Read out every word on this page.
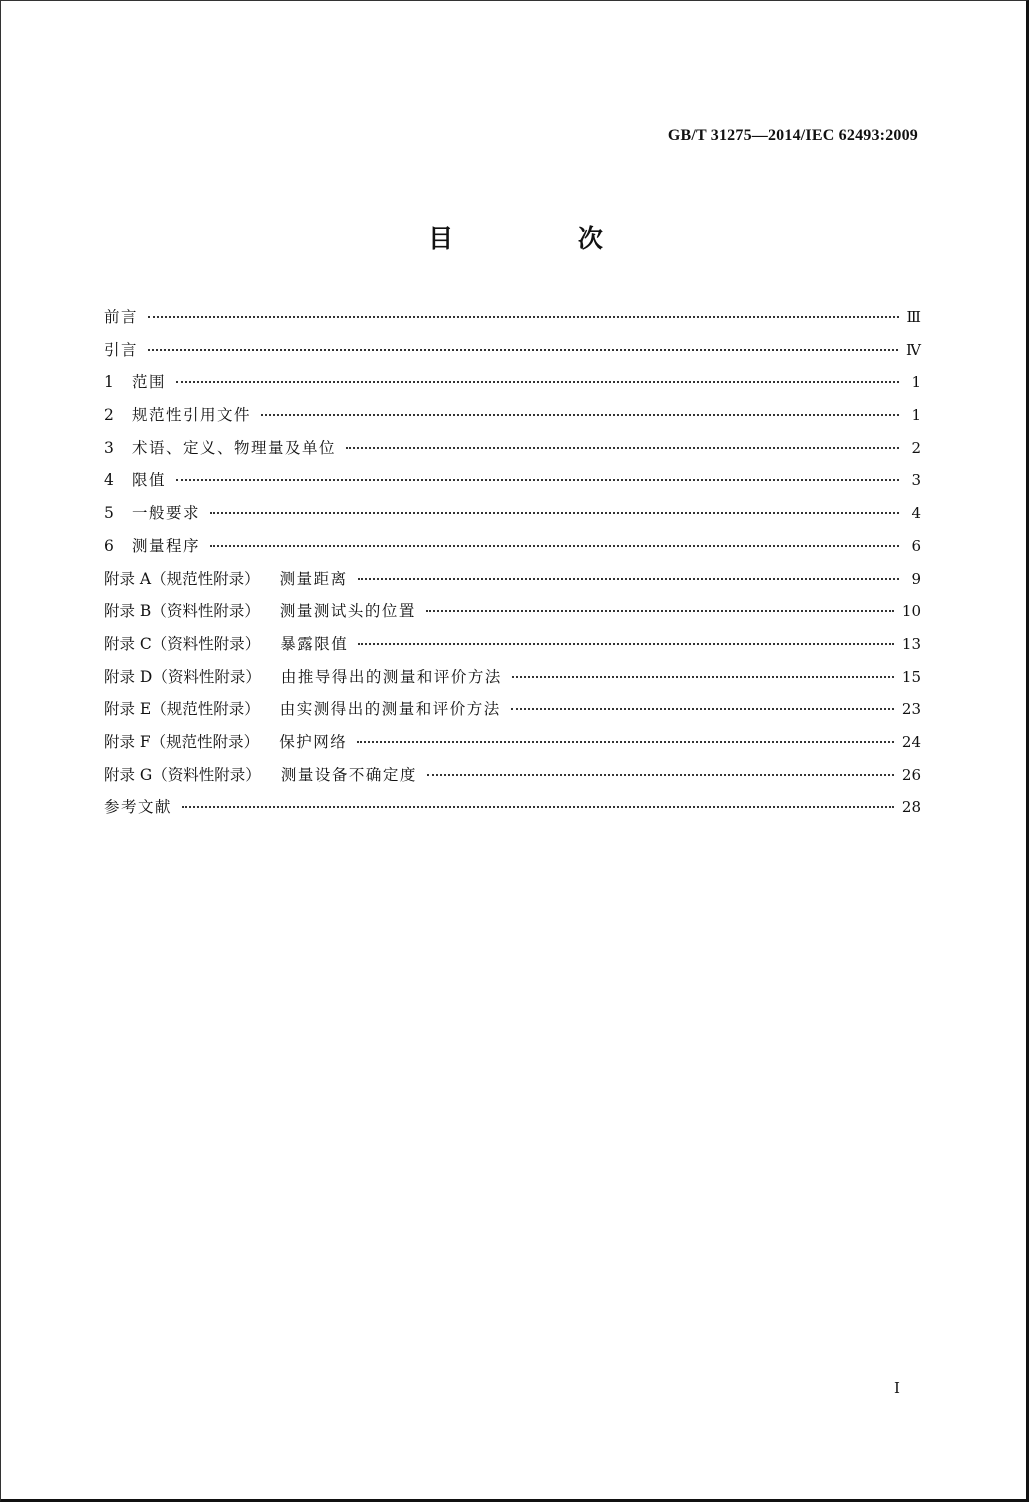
GB/T 31275—2014/IEC 62493:2009
目 次
前言	Ⅲ
引言	Ⅳ
1	范围	1
2	规范性引用文件	1
3	术语、定义、物理量及单位	2
4	限值	3
5	一般要求	4
6	测量程序	6
附录 A（规范性附录） 测量距离	9
附录 B（资料性附录） 测量测试头的位置	10
附录 C（资料性附录） 暴露限值	13
附录 D（资料性附录） 由推导得出的测量和评价方法	15
附录 E（规范性附录） 由实测得出的测量和评价方法	23
附录 F（规范性附录） 保护网络	24
附录 G（资料性附录） 测量设备不确定度	26
参考文献	28
I
